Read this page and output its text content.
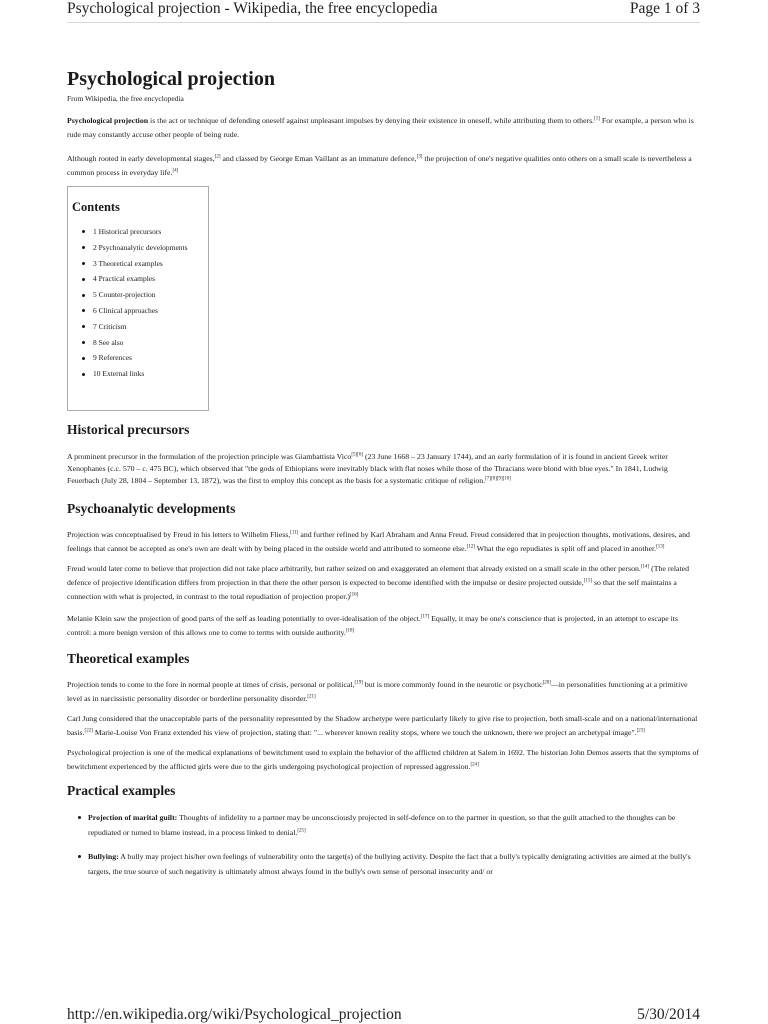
Psychological projection - Wikipedia, the free encyclopedia	Page 1 of 3
Psychological projection
From Wikipedia, the free encyclopedia

Psychological projection is the act or technique of defending oneself against unpleasant impulses by denying their existence in oneself, while attributing them to others.[1] For example, a person who is rude may constantly accuse other people of being rude.

Although rooted in early developmental stages,[2] and classed by George Eman Vaillant as an immature defence,[3] the projection of one's negative qualities onto others on a small scale is nevertheless a common process in everyday life.[4]

Contents
1 Historical precursors
2 Psychoanalytic developments
3 Theoretical examples
4 Practical examples
5 Counter-projection
6 Clinical approaches
7 Criticism
8 See also
9 References
10 External links
Historical precursors

A prominent precursor in the formulation of the projection principle was Giambattista Vico[5][6] (23 June 1668 – 23 January 1744), and an early formulation of it is found in ancient Greek writer Xenophanes (c.c. 570 – c. 475 BC), which observed that "the gods of Ethiopians were inevitably black with flat noses while those of the Thracians were blond with blue eyes." In 1841, Ludwig Feuerbach (July 28, 1804 – September 13, 1872), was the first to employ this concept as the basis for a systematic critique of religion.[7][8][9][10]

Psychoanalytic developments

Projection was conceptualised by Freud in his letters to Wilhelm Fliess,[11] and further refined by Karl Abraham and Anna Freud. Freud considered that in projection thoughts, motivations, desires, and feelings that cannot be accepted as one's own are dealt with by being placed in the outside world and attributed to someone else.[12] What the ego repudiates is split off and placed in another.[13]

Freud would later come to believe that projection did not take place arbitrarily, but rather seized on and exaggerated an element that already existed on a small scale in the other person.[14] (The related defence of projective identification differs from projection in that there the other person is expected to become identified with the impulse or desire projected outside,[15] so that the self maintains a connection with what is projected, in contrast to the total repudiation of projection proper.)[16]

Melanie Klein saw the projection of good parts of the self as leading potentially to over-idealisation of the object.[17] Equally, it may be one's conscience that is projected, in an attempt to escape its control: a more benign version of this allows one to come to terms with outside authority.[18]

Theoretical examples

Projection tends to come to the fore in normal people at times of crisis, personal or political,[19] but is more commonly found in the neurotic or psychotic[20]—in personalities functioning at a primitive level as in narcissistic personality disorder or borderline personality disorder.[21]

Carl Jung considered that the unacceptable parts of the personality represented by the Shadow archetype were particularly likely to give rise to projection, both small-scale and on a national/international basis.[22] Marie-Louise Von Franz extended his view of projection, stating that: "... wherever known reality stops, where we touch the unknown, there we project an archetypal image".[23]

Psychological projection is one of the medical explanations of bewitchment used to explain the behavior of the afflicted children at Salem in 1692. The historian John Demos asserts that the symptoms of bewitchment experienced by the afflicted girls were due to the girls undergoing psychological projection of repressed aggression.[24]

Practical examples

Projection of marital guilt: Thoughts of infidelity to a partner may be unconsciously projected in self-defence on to the partner in question, so that the guilt attached to the thoughts can be repudiated or turned to blame instead, in a process linked to denial.[25]

Bullying: A bully may project his/her own feelings of vulnerability onto the target(s) of the bullying activity. Despite the fact that a bully's typically denigrating activities are aimed at the bully's targets, the true source of such negativity is ultimately almost always found in the bully's own sense of personal insecurity and/ or

http://en.wikipedia.org/wiki/Psychological_projection	5/30/2014
